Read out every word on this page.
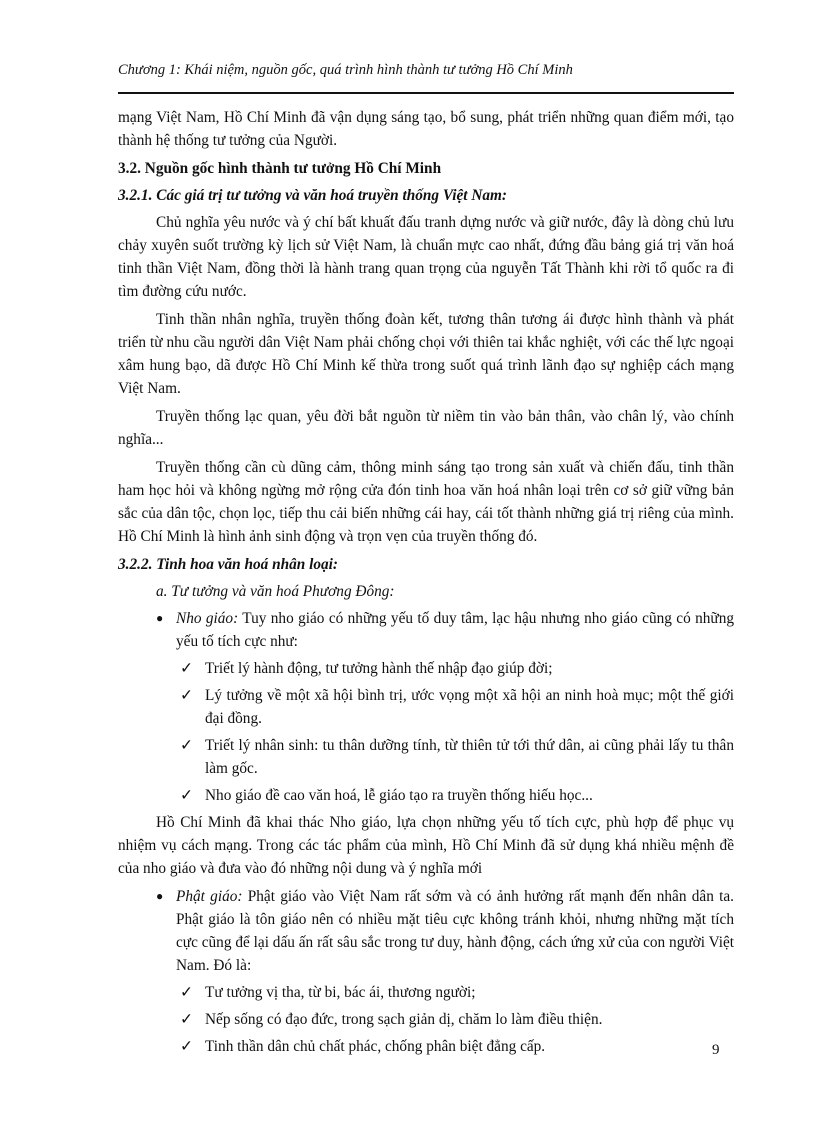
Chương 1: Khái niệm, nguồn gốc, quá trình hình thành tư tưởng Hồ Chí Minh

mạng Việt Nam, Hồ Chí Minh đã vận dụng sáng tạo, bổ sung, phát triển những quan điểm mới, tạo thành hệ thống tư tưởng của Người.

3.2. Nguồn gốc hình thành tư tưởng Hồ Chí Minh

3.2.1. Các giá trị tư tưởng và văn hoá truyền thống Việt Nam:

Chủ nghĩa yêu nước và ý chí bất khuất đấu tranh dựng nước và giữ nước, đây là dòng chủ lưu chảy xuyên suốt trường kỳ lịch sử Việt Nam, là chuẩn mực cao nhất, đứng đầu bảng giá trị văn hoá tinh thần Việt Nam, đồng thời là hành trang quan trọng của nguyễn Tất Thành khi rời tổ quốc ra đi tìm đường cứu nước.

Tinh thần nhân nghĩa, truyền thống đoàn kết, tương thân tương ái được hình thành và phát triển từ nhu cầu người dân Việt Nam phải chống chọi với thiên tai khắc nghiệt, với các thế lực ngoại xâm hung bạo, dã được Hồ Chí Minh kế thừa trong suốt quá trình lãnh đạo sự nghiệp cách mạng Việt Nam.

Truyền thống lạc quan, yêu đời bắt nguồn từ niềm tin vào bản thân, vào chân lý, vào chính nghĩa...

Truyền thống cần cù dũng cảm, thông minh sáng tạo trong sản xuất và chiến đấu, tinh thần ham học hỏi và không ngừng mở rộng cửa đón tinh hoa văn hoá nhân loại trên cơ sở giữ vững bản sắc của dân tộc, chọn lọc, tiếp thu cải biến những cái hay, cái tốt thành những giá trị riêng của mình. Hồ Chí Minh là hình ảnh sinh động và trọn vẹn của truyền thống đó.

3.2.2. Tinh hoa văn hoá nhân loại:

a. Tư tưởng và văn hoá Phương Đông:

● Nho giáo: Tuy nho giáo có những yếu tố duy tâm, lạc hậu nhưng nho giáo cũng có những yếu tố tích cực như:
✓ Triết lý hành động, tư tưởng hành thế nhập đạo giúp đời;
✓ Lý tưởng về một xã hội bình trị, ước vọng một xã hội an ninh hoà mục; một thế giới đại đồng.
✓ Triết lý nhân sinh: tu thân dưỡng tính, từ thiên tử tới thứ dân, ai cũng phải lấy tu thân làm gốc.
✓ Nho giáo đề cao văn hoá, lễ giáo tạo ra truyền thống hiếu học...

Hồ Chí Minh đã khai thác Nho giáo, lựa chọn những yếu tố tích cực, phù hợp để phục vụ nhiệm vụ cách mạng. Trong các tác phẩm của mình, Hồ Chí Minh đã sử dụng khá nhiều mệnh đề của nho giáo và đưa vào đó những nội dung và ý nghĩa mới

● Phật giáo: Phật giáo vào Việt Nam rất sớm và có ảnh hưởng rất mạnh đến nhân dân ta. Phật giáo là tôn giáo nên có nhiều mặt tiêu cực không tránh khỏi, nhưng những mặt tích cực cũng để lại dấu ấn rất sâu sắc trong tư duy, hành động, cách ứng xử của con người Việt Nam. Đó là:
✓ Tư tưởng vị tha, từ bi, bác ái, thương người;
✓ Nếp sống có đạo đức, trong sạch giản dị, chăm lo làm điều thiện.
✓ Tinh thần dân chủ chất phác, chống phân biệt đẳng cấp.	9
